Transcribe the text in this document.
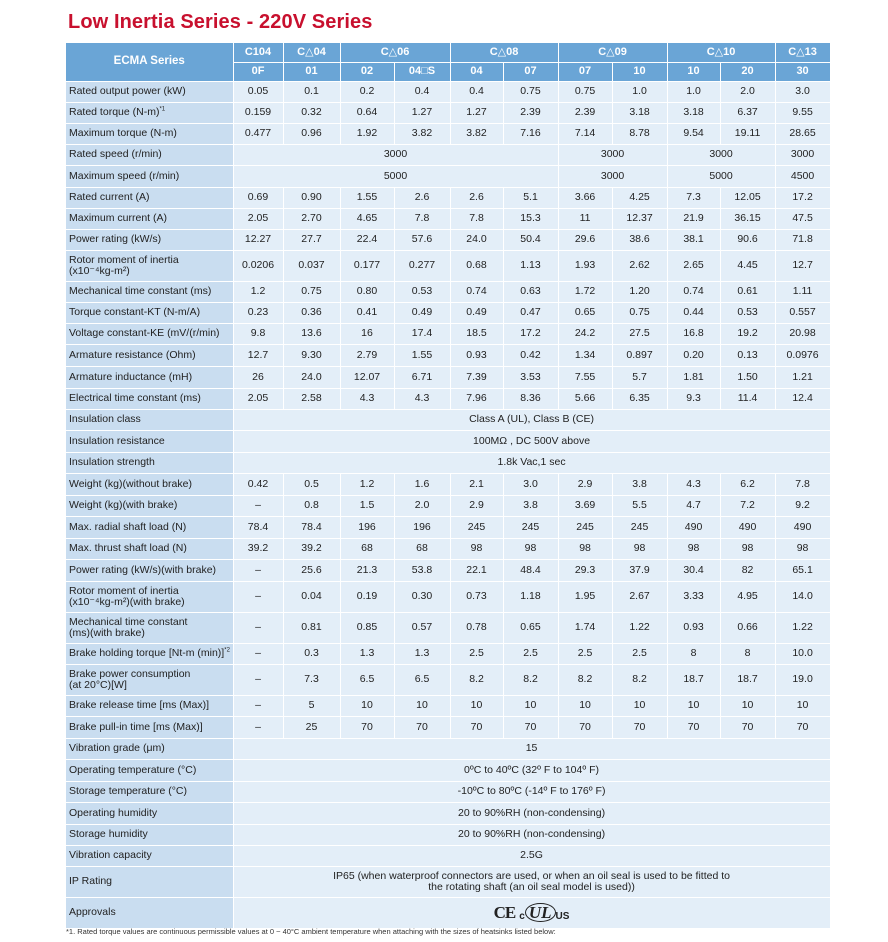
Low Inertia Series - 220V Series
ECMA Series	C104	C△04	C△06		C△08		C△09		C△10		C△13
	0F	01	02	04□S	04	07	07	10	10	20	30
Rated output power (kW)	0.05	0.1	0.2	0.4	0.4	0.75	0.75	1.0	1.0	2.0	3.0
Rated torque $(N-m)^{*1}$	0.159	0.32	0.64	1.27	1.27	2.39	2.39	3.18	3.18	6.37	9.55
Maximum torque (N-m)	0.477	0.96	1.92	3.82	3.82	7.16	7.14	8.78	9.54	19.11	28.65
Rated speed (r/min)	3000						3000		3000		3000
Maximum speed (r/min)	5000						3000		5000		4500
Rated current (A)	0.69	0.90	1.55	2.6	2.6	5.1	3.66	4.25	7.3	12.05	17.2
Maximum current (A)	2.05	2.70	4.65	7.8	7.8	15.3	11	12.37	21.9	36.15	47.5
Power rating (kW/s)	12.27	27.7	22.4	57.6	24.0	50.4	29.6	38.6	38.1	90.6	71.8
Rotor moment of inertia
(x10⁻⁴kg-m²)	0.0206	0.037	0.177	0.277	0.68	1.13	1.93	2.62	2.65	4.45	12.7
Mechanical time constant (ms)	1.2	0.75	0.80	0.53	0.74	0.63	1.72	1.20	0.74	0.61	1.11
Torque constant-KT (N-m/A)	0.23	0.36	0.41	0.49	0.49	0.47	0.65	0.75	0.44	0.53	0.557
Voltage constant-KE (mV/(r/min)	9.8	13.6	16	17.4	18.5	17.2	24.2	27.5	16.8	19.2	20.98
Armature resistance (Ohm)	12.7	9.30	2.79	1.55	0.93	0.42	1.34	0.897	0.20	0.13	0.0976
Armature inductance (mH)	26	24.0	12.07	6.71	7.39	3.53	7.55	5.7	1.81	1.50	1.21
Electrical time constant (ms)	2.05	2.58	4.3	4.3	7.96	8.36	5.66	6.35	9.3	11.4	12.4
Insulation class	Class A (UL), Class B (CE)										
Insulation resistance	100MΩ , DC 500V above										
Insulation strength	1.8k Vac,1 sec										
Weight (kg)(without brake)	0.42	0.5	1.2	1.6	2.1	3.0	2.9	3.8	4.3	6.2	7.8
Weight (kg)(with brake)	–	0.8	1.5	2.0	2.9	3.8	3.69	5.5	4.7	7.2	9.2
Max. radial shaft load (N)	78.4	78.4	196	196	245	245	245	245	490	490	490
Max. thrust shaft load (N)	39.2	39.2	68	68	98	98	98	98	98	98	98
Power rating (kW/s)(with brake)	–	25.6	21.3	53.8	22.1	48.4	29.3	37.9	30.4	82	65.1
Rotor moment of inertia
(x10⁻⁴kg-m²)(with brake)	–	0.04	0.19	0.30	0.73	1.18	1.95	2.67	3.33	4.95	14.0
Mechanical time constant
(ms)(with brake)	–	0.81	0.85	0.57	0.78	0.65	1.74	1.22	0.93	0.66	1.22
Brake holding torque [Nt-m (min)]$^{*2}$	–	0.3	1.3	1.3	2.5	2.5	2.5	2.5	8	8	10.0
Brake power consumption
(at 20°C)[W]	–	7.3	6.5	6.5	8.2	8.2	8.2	8.2	18.7	18.7	19.0
Brake release time [ms (Max)]	–	5	10	10	10	10	10	10	10	10	10
Brake pull-in time [ms (Max)]	–	25	70	70	70	70	70	70	70	70	70
Vibration grade (μm)	15										
Operating temperature (°C)	0ºC to 40ºC (32º F to 104º F)										
Storage temperature (°C)	-10ºC to 80ºC (-14º F to 176º F)										
Operating humidity	20 to 90%RH (non-condensing)										
Storage humidity	20 to 90%RH (non-condensing)										
Vibration capacity	2.5G										
IP Rating	IP65 (when waterproof connectors are used, or when an oil seal is used to be fitted to
the rotating shaft (an oil seal model is used))										
Approvals	CE c UL US										
*1. Rated torque values are continuous permissible values at 0 ~ 40°C ambient temperature when attaching with the sizes of heatsinks listed below:
